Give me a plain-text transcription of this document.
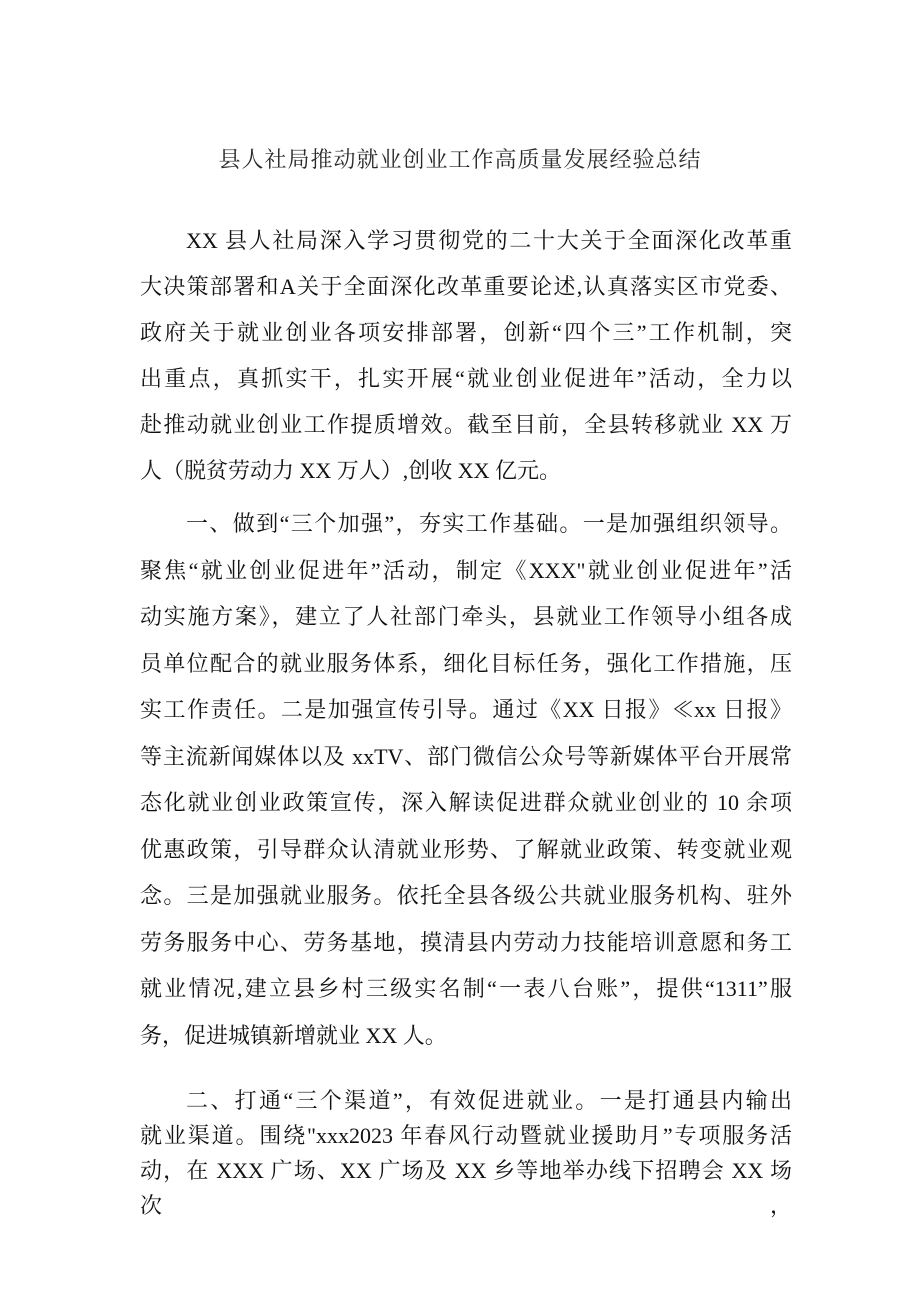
县人社局推动就业创业工作高质量发展经验总结
XX 县人社局深入学习贯彻党的二十大关于全面深化改革重
大决策部署和A关于全面深化改革重要论述,认真落实区市党委、
政府关于就业创业各项安排部署，创新“四个三”工作机制，突
出重点，真抓实干，扎实开展“就业创业促进年”活动，全力以
赴推动就业创业工作提质增效。截至目前，全县转移就业 XX 万
人（脱贫劳动力 XX 万人）,创收 XX 亿元。
一、做到“三个加强”，夯实工作基础。一是加强组织领导。
聚焦“就业创业促进年”活动，制定《XXX"就业创业促进年”活
动实施方案》，建立了人社部门牵头，县就业工作领导小组各成
员单位配合的就业服务体系，细化目标任务，强化工作措施，压
实工作责任。二是加强宣传引导。通过《XX 日报》≪xx 日报》
等主流新闻媒体以及 xxTV、部门微信公众号等新媒体平台开展常
态化就业创业政策宣传，深入解读促进群众就业创业的 10 余项
优惠政策，引导群众认清就业形势、了解就业政策、转变就业观
念。三是加强就业服务。依托全县各级公共就业服务机构、驻外
劳务服务中心、劳务基地，摸清县内劳动力技能培训意愿和务工
就业情况,建立县乡村三级实名制“一表八台账”，提供“1311”服
务，促进城镇新增就业 XX 人。
二、打通“三个渠道”，有效促进就业。一是打通县内输出
就业渠道。围绕"xxx2023 年春风行动暨就业援助月”专项服务活
动，在 XXX 广场、XX 广场及 XX 乡等地举办线下招聘会 XX 场次，
